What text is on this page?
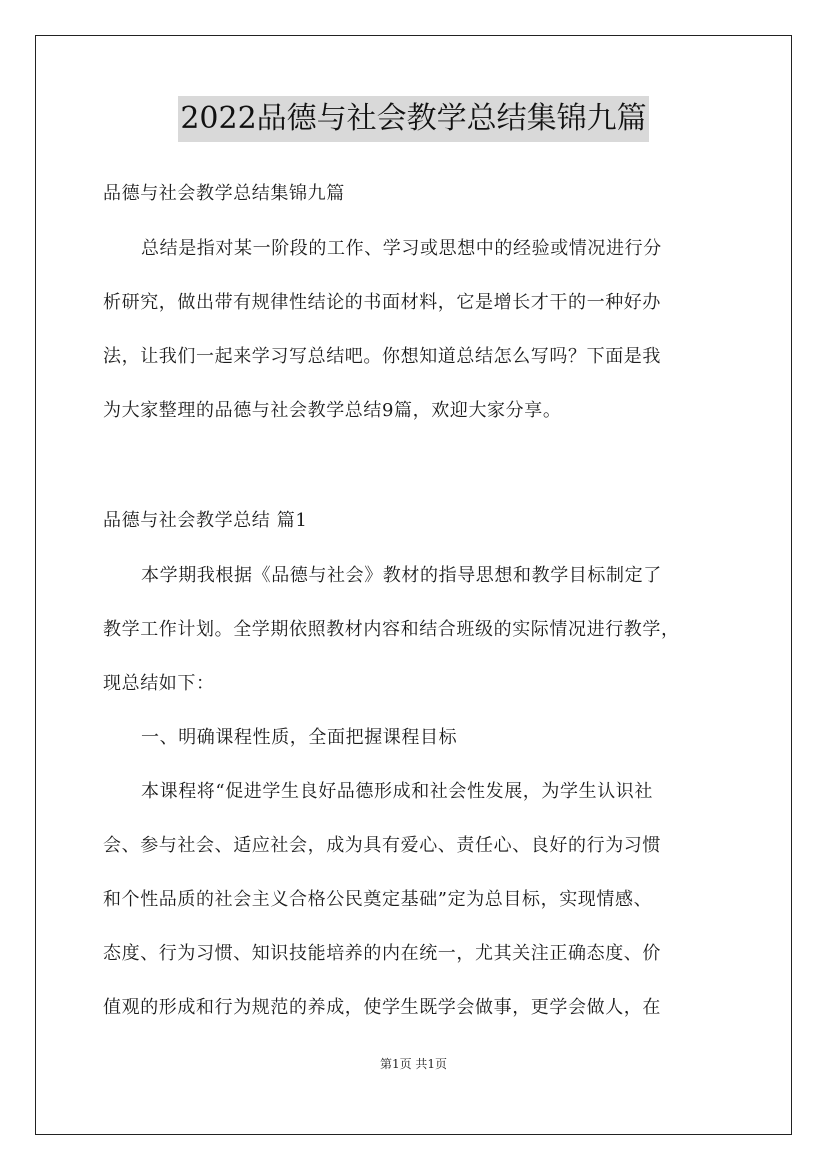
2022品德与社会教学总结集锦九篇
品德与社会教学总结集锦九篇
总结是指对某一阶段的工作、学习或思想中的经验或情况进行分
析研究，做出带有规律性结论的书面材料，它是增长才干的一种好办
法，让我们一起来学习写总结吧。你想知道总结怎么写吗？下面是我
为大家整理的品德与社会教学总结9篇，欢迎大家分享。
品德与社会教学总结 篇1
本学期我根据《品德与社会》教材的指导思想和教学目标制定了
教学工作计划。全学期依照教材内容和结合班级的实际情况进行教学，
现总结如下：
一、明确课程性质，全面把握课程目标
本课程将“促进学生良好品德形成和社会性发展，为学生认识社
会、参与社会、适应社会，成为具有爱心、责任心、良好的行为习惯
和个性品质的社会主义合格公民奠定基础”定为总目标，实现情感、
态度、行为习惯、知识技能培养的内在统一，尤其关注正确态度、价
值观的形成和行为规范的养成，使学生既学会做事，更学会做人，在
第1页 共1页
